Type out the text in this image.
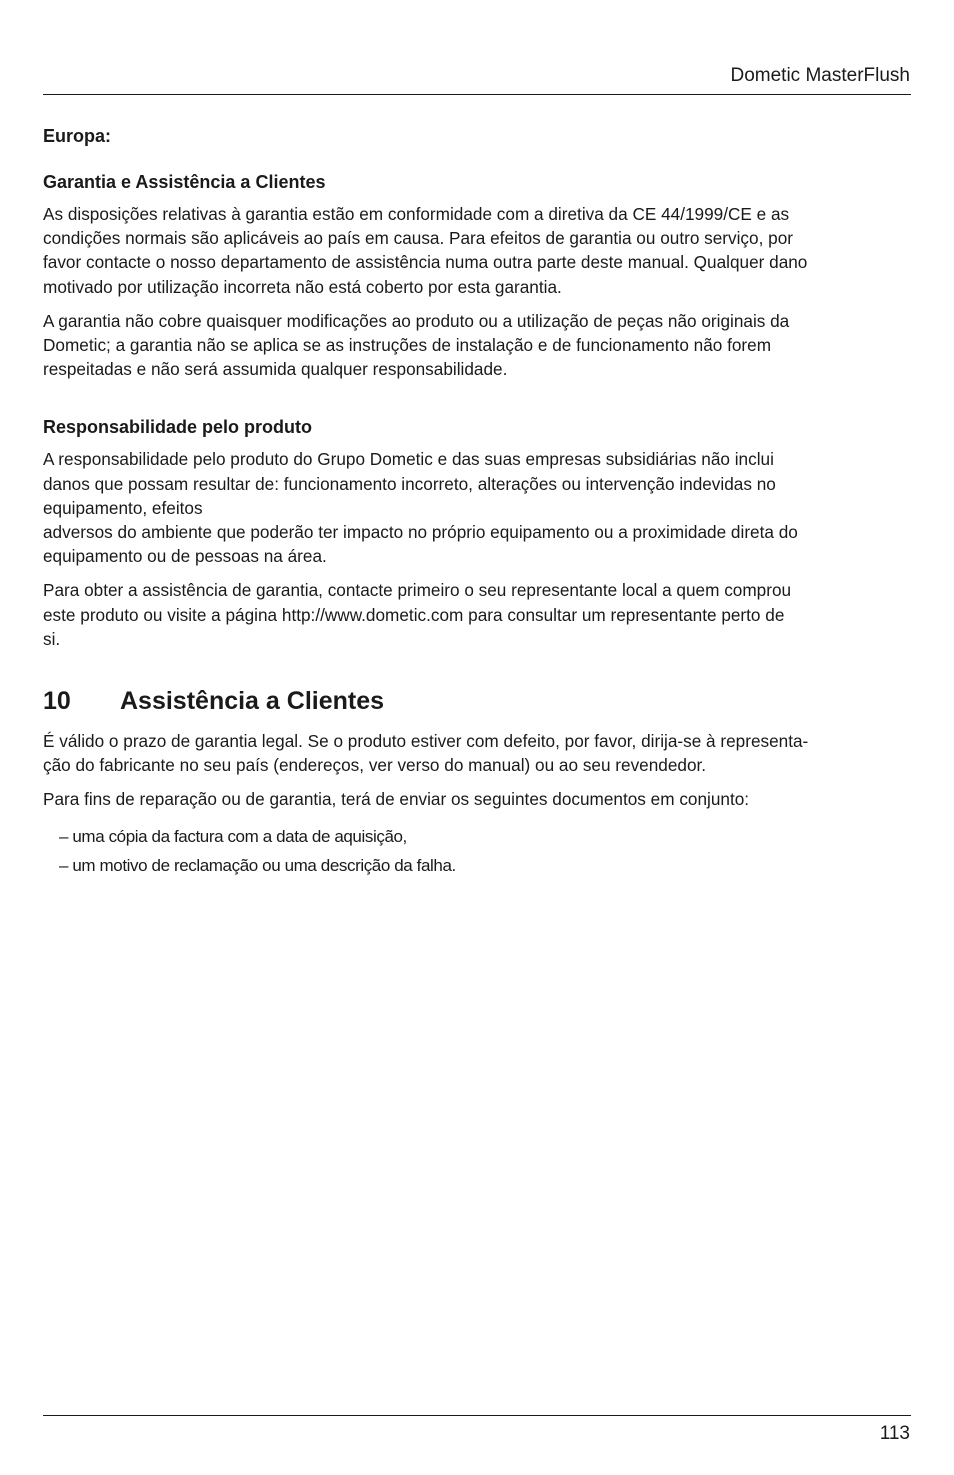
Dometic MasterFlush

Europa:

Garantia e Assistência a Clientes

As disposições relativas à garantia estão em conformidade com a diretiva da CE 44/1999/CE e as
condições normais são aplicáveis ao país em causa. Para efeitos de garantia ou outro serviço, por
favor contacte o nosso departamento de assistência numa outra parte deste manual. Qualquer dano
motivado por utilização incorreta não está coberto por esta garantia.

A garantia não cobre quaisquer modificações ao produto ou a utilização de peças não originais da
Dometic; a garantia não se aplica se as instruções de instalação e de funcionamento não forem
respeitadas e não será assumida qualquer responsabilidade.

Responsabilidade pelo produto

A responsabilidade pelo produto do Grupo Dometic e das suas empresas subsidiárias não inclui
danos que possam resultar de: funcionamento incorreto, alterações ou intervenção indevidas no
equipamento, efeitos
adversos do ambiente que poderão ter impacto no próprio equipamento ou a proximidade direta do
equipamento ou de pessoas na área.

Para obter a assistência de garantia, contacte primeiro o seu representante local a quem comprou
este produto ou visite a página http://www.dometic.com para consultar um representante perto de
si.

10	Assistência a Clientes

É válido o prazo de garantia legal. Se o produto estiver com defeito, por favor, dirija-se à representa-
ção do fabricante no seu país (endereços, ver verso do manual) ou ao seu revendedor.

Para fins de reparação ou de garantia, terá de enviar os seguintes documentos em conjunto:

– uma cópia da factura com a data de aquisição,
– um motivo de reclamação ou uma descrição da falha.
113
